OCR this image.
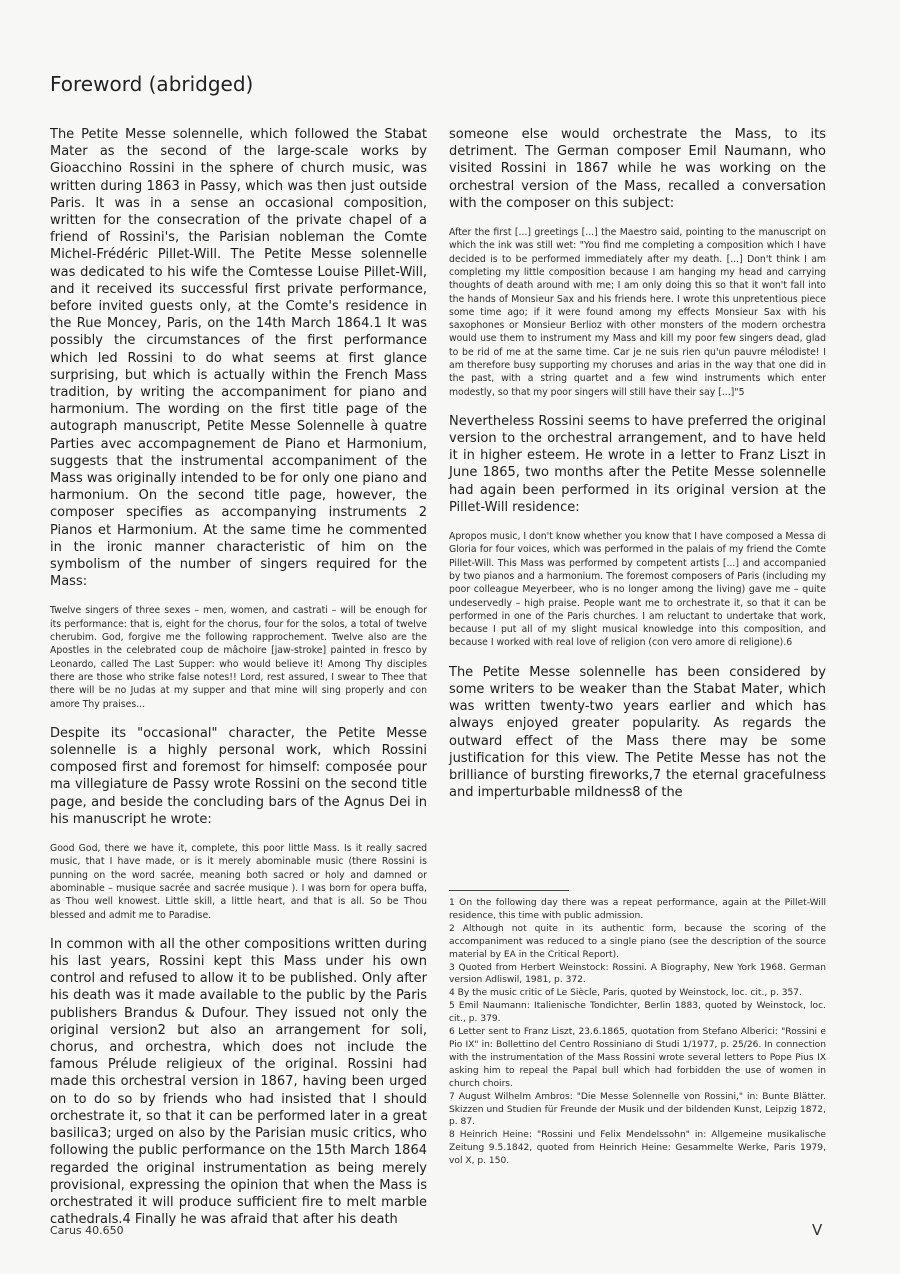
Foreword (abridged)

The Petite Messe solennelle, which followed the Stabat Mater as the second of the large-scale works by Gioacchino Rossini in the sphere of church music, was written during 1863 in Passy, which was then just outside Paris. It was in a sense an occasional composition, written for the consecration of the private chapel of a friend of Rossini's, the Parisian nobleman the Comte Michel-Frédéric Pillet-Will. The Petite Messe solennelle was dedicated to his wife the Comtesse Louise Pillet-Will, and it received its successful first private performance, before invited guests only, at the Comte's residence in the Rue Moncey, Paris, on the 14th March 1864.1 It was possibly the circumstances of the first performance which led Rossini to do what seems at first glance surprising, but which is actually within the French Mass tradition, by writing the accompaniment for piano and harmonium. The wording on the first title page of the autograph manuscript, Petite Messe Solennelle à quatre Parties avec accompagnement de Piano et Harmonium, suggests that the instrumental accompaniment of the Mass was originally intended to be for only one piano and harmonium. On the second title page, however, the composer specifies as accompanying instruments 2 Pianos et Harmonium. At the same time he commented in the ironic manner characteristic of him on the symbolism of the number of singers required for the Mass:

Twelve singers of three sexes – men, women, and castrati – will be enough for its performance: that is, eight for the chorus, four for the solos, a total of twelve cherubim. God, forgive me the following rapprochement. Twelve also are the Apostles in the celebrated coup de mâchoire [jaw-stroke] painted in fresco by Leonardo, called The Last Supper: who would believe it! Among Thy disciples there are those who strike false notes!! Lord, rest assured, I swear to Thee that there will be no Judas at my supper and that mine will sing properly and con amore Thy praises...

Despite its "occasional" character, the Petite Messe solennelle is a highly personal work, which Rossini composed first and foremost for himself: composée pour ma villegiature de Passy wrote Rossini on the second title page, and beside the concluding bars of the Agnus Dei in his manuscript he wrote:

Good God, there we have it, complete, this poor little Mass. Is it really sacred music, that I have made, or is it merely abominable music (there Rossini is punning on the word sacrée, meaning both sacred or holy and damned or abominable – musique sacrée and sacrée musique ). I was born for opera buffa, as Thou well knowest. Little skill, a little heart, and that is all. So be Thou blessed and admit me to Paradise.

In common with all the other compositions written during his last years, Rossini kept this Mass under his own control and refused to allow it to be published. Only after his death was it made available to the public by the Paris publishers Brandus & Dufour. They issued not only the original version2 but also an arrangement for soli, chorus, and orchestra, which does not include the famous Prélude religieux of the original. Rossini had made this orchestral version in 1867, having been urged on to do so by friends who had insisted that I should orchestrate it, so that it can be performed later in a great basilica3; urged on also by the Parisian music critics, who following the public performance on the 15th March 1864 regarded the original instrumentation as being merely provisional, expressing the opinion that when the Mass is orchestrated it will produce sufficient fire to melt marble cathedrals.4 Finally he was afraid that after his death

someone else would orchestrate the Mass, to its detriment. The German composer Emil Naumann, who visited Rossini in 1867 while he was working on the orchestral version of the Mass, recalled a conversation with the composer on this subject:

After the first [...] greetings [...] the Maestro said, pointing to the manuscript on which the ink was still wet: "You find me completing a composition which I have decided is to be performed immediately after my death. [...] Don't think I am completing my little composition because I am hanging my head and carrying thoughts of death around with me; I am only doing this so that it won't fall into the hands of Monsieur Sax and his friends here. I wrote this unpretentious piece some time ago; if it were found among my effects Monsieur Sax with his saxophones or Monsieur Berlioz with other monsters of the modern orchestra would use them to instrument my Mass and kill my poor few singers dead, glad to be rid of me at the same time. Car je ne suis rien qu'un pauvre mélodiste! I am therefore busy supporting my choruses and arias in the way that one did in the past, with a string quartet and a few wind instruments which enter modestly, so that my poor singers will still have their say [...]"5

Nevertheless Rossini seems to have preferred the original version to the orchestral arrangement, and to have held it in higher esteem. He wrote in a letter to Franz Liszt in June 1865, two months after the Petite Messe solennelle had again been performed in its original version at the Pillet-Will residence:

Apropos music, I don't know whether you know that I have composed a Messa di Gloria for four voices, which was performed in the palais of my friend the Comte Pillet-Will. This Mass was performed by competent artists [...] and accompanied by two pianos and a harmonium. The foremost composers of Paris (including my poor colleague Meyerbeer, who is no longer among the living) gave me – quite undeservedly – high praise. People want me to orchestrate it, so that it can be performed in one of the Paris churches. I am reluctant to undertake that work, because I put all of my slight musical knowledge into this composition, and because I worked with real love of religion (con vero amore di religione).6

The Petite Messe solennelle has been considered by some writers to be weaker than the Stabat Mater, which was written twenty-two years earlier and which has always enjoyed greater popularity. As regards the outward effect of the Mass there may be some justification for this view. The Petite Messe has not the brilliance of bursting fireworks,7 the eternal gracefulness and imperturbable mildness8 of the

1 On the following day there was a repeat performance, again at the Pillet-Will residence, this time with public admission.

2 Although not quite in its authentic form, because the scoring of the accompaniment was reduced to a single piano (see the description of the source material by EA in the Critical Report).

3 Quoted from Herbert Weinstock: Rossini. A Biography, New York 1968. German version Adliswil, 1981, p. 372.

4 By the music critic of Le Siècle, Paris, quoted by Weinstock, loc. cit., p. 357.

5 Emil Naumann: Italienische Tondichter, Berlin 1883, quoted by Weinstock, loc. cit., p. 379.

6 Letter sent to Franz Liszt, 23.6.1865, quotation from Stefano Alberici: "Rossini e Pio IX" in: Bollettino del Centro Rossiniano di Studi 1/1977, p. 25/26. In connection with the instrumentation of the Mass Rossini wrote several letters to Pope Pius IX asking him to repeal the Papal bull which had forbidden the use of women in church choirs.

7 August Wilhelm Ambros: "Die Messe Solennelle von Rossini," in: Bunte Blätter. Skizzen und Studien für Freunde der Musik und der bildenden Kunst, Leipzig 1872, p. 87.

8 Heinrich Heine: "Rossini und Felix Mendelssohn" in: Allgemeine musikalische Zeitung 9.5.1842, quoted from Heinrich Heine: Gesammelte Werke, Paris 1979, vol X, p. 150.

Carus 40.650	V
